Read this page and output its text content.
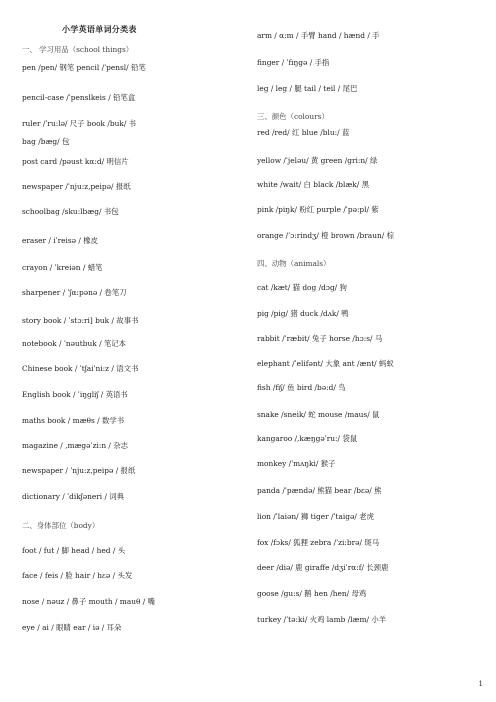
小学英语单词分类表
一、 学习用品（school things）
pen /pen/ 钢笔 pencil /ˈpensl/ 铅笔
pencil-case /ˈpenslkeis / 铅笔盒
ruler /ˈru:lə/ 尺子 book /buk/ 书
bag /bæg/ 包
post card /pəust kα:d/ 明信片
newspaper /ˈnju:z,peipə/ 报纸
schoolbag /sku:lbæg/ 书包
eraser / iˈreisə / 橡皮
crayon / ˈkreiən / 蜡笔
sharpener / ˈʃα:pənə / 卷笔刀
story book / ˈstɔ:ri] buk / 故事书
notebook / ˈnəutbuk / 笔记本
Chinese book / ˈtʃaiˈni:z / 语文书
English book / ˈiŋgliʃ / 英语书
maths book / mæθs / 数学书
magazine / ,mægəˈzi:n / 杂志
newspaper / ˈnju:z,peipə / 报纸
dictionary / ˈdikʃəneri / 词典
二、身体部位（body）
foot / fut / 脚 head / hed / 头
face / feis / 脸 hair / hεə / 头发
nose / nəuz / 鼻子 mouth / mauθ / 嘴
eye / ai / 眼睛 ear / iə / 耳朵
arm / α:m / 手臂 hand / hænd / 手
finger / ˈfiŋgə / 手指
leg / leg / 腿 tail / teil / 尾巴
三、颜色（colours）
red /red/ 红 blue /blu:/ 蓝
yellow /ˈjeləu/ 黄 green /gri:n/ 绿
white /wait/ 白 black /blæk/ 黑
pink /piŋk/ 粉红 purple /ˈpə:pl/ 紫
orange /ˈɔ:rindʒ/ 橙 brown /braun/ 棕
四、动物（animals）
cat /kæt/ 猫 dog /dɔg/ 狗
pig /pig/ 猪 duck /dʌk/ 鸭
rabbit /ˈræbit/ 兔子 horse /hɔ:s/ 马
elephant /ˈelifənt/ 大象 ant /ænt/ 蚂蚁
fish /fiʃ/ 鱼 bird /bə:d/ 鸟
snake /sneik/ 蛇 mouse /maus/ 鼠
kangaroo /,kæŋgəˈru:/ 袋鼠
monkey /ˈmʌŋki/ 猴子
panda /ˈpændə/ 熊猫 bear /bεə/ 熊
lion /ˈlaiən/ 狮 tiger /ˈtaigə/ 老虎
fox /fɔks/ 狐狸 zebra /ˈzi:brə/ 斑马
deer /diə/ 鹿 giraffe /dʒiˈrα:f/ 长颈鹿
goose /gu:s/ 鹅 hen /hen/ 母鸡
turkey /ˈtə:ki/ 火鸡 lamb /læm/ 小羊
1
